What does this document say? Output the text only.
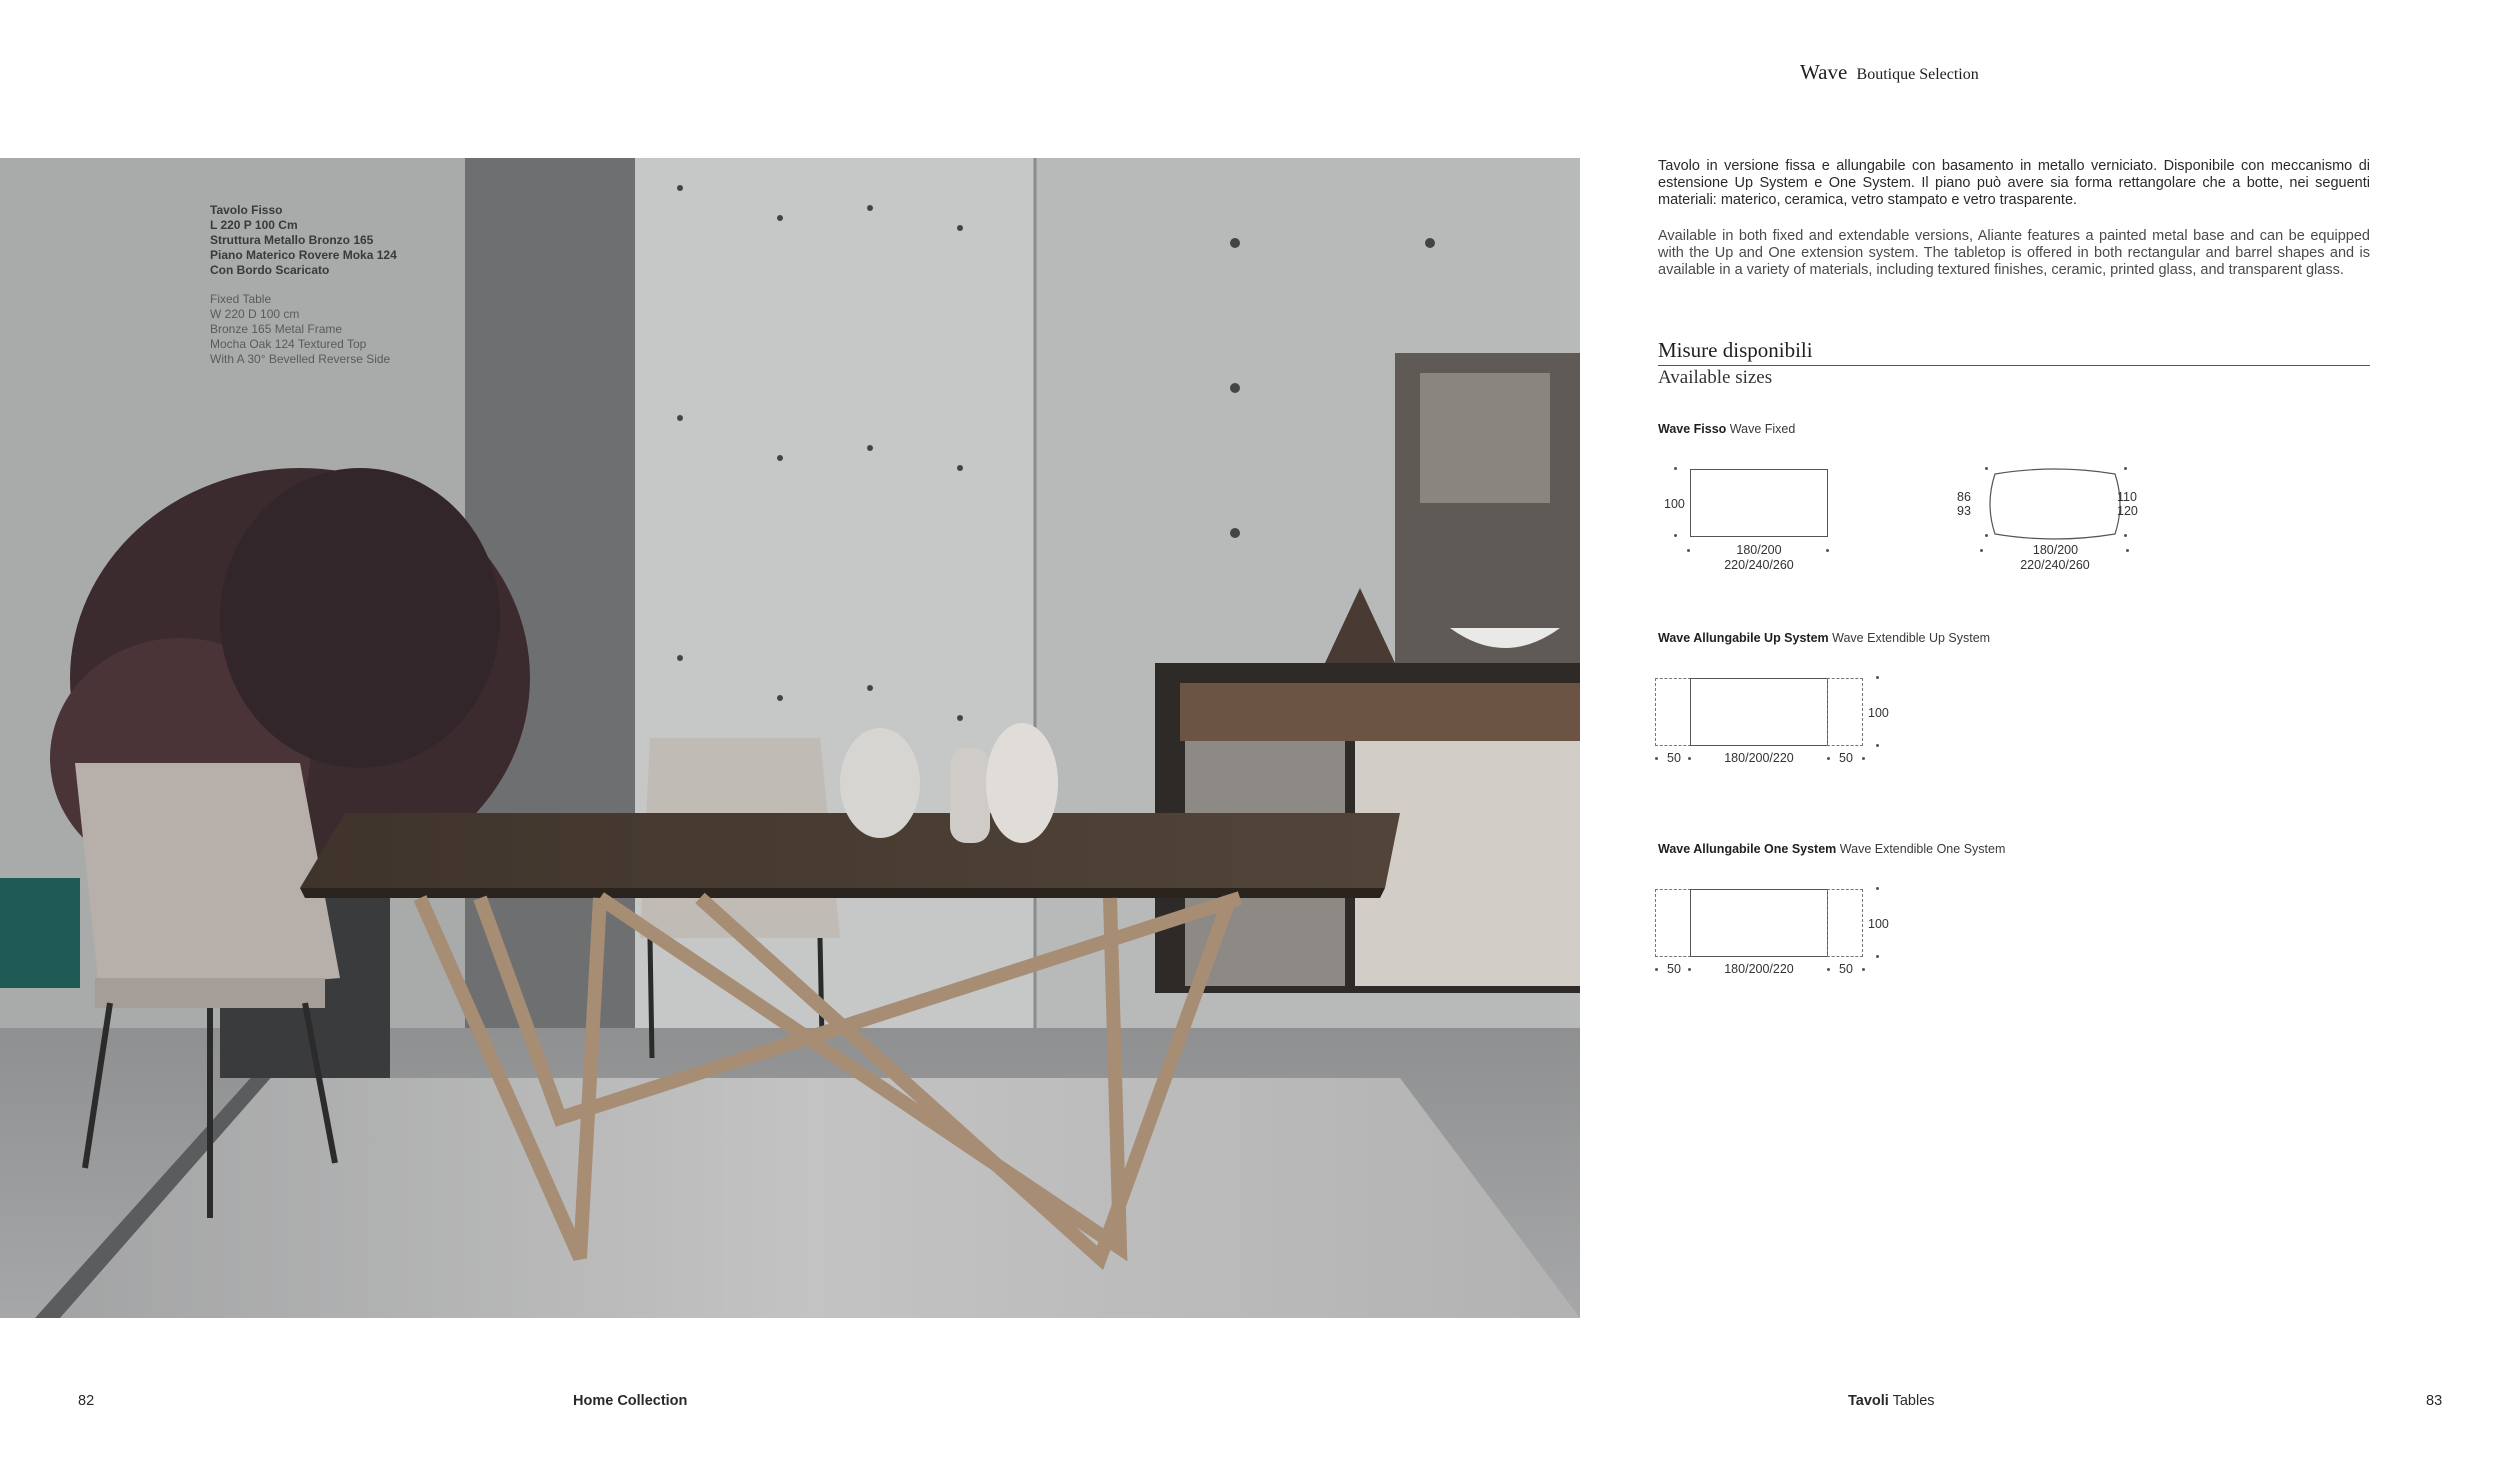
Tavolo Fisso
L 220 P 100 Cm
Struttura Metallo Bronzo 165
Piano Materico Rovere Moka 124
Con Bordo Scaricato
Fixed Table
W 220 D 100 cm
Bronze 165 Metal Frame
Mocha Oak 124 Textured Top
With A 30° Bevelled Reverse Side
Wave Boutique Selection
Tavolo in versione fissa e allungabile con basamento in metallo verniciato. Disponibile con meccanismo di estensione Up System e One System. Il piano può avere sia forma rettangolare che a botte, nei seguenti materiali: materico, ceramica, vetro stampato e vetro trasparente.
Available in both fixed and extendable versions, Aliante features a painted metal base and can be equipped with the Up and One extension system. The tabletop is offered in both rectangular and barrel shapes and is available in a variety of materials, including textured finishes, ceramic, printed glass, and transparent glass.
Misure disponibili
Available sizes
Wave Fisso Wave Fixed
100
180/200
220/240/260
86
93
110
120
180/200
220/240/260
Wave Allungabile Up System Wave Extendible Up System
100
50	180/200/220	50
Wave Allungabile One System Wave Extendible One System
100
50	180/200/220	50
82	Home Collection	Tavoli Tables	83
